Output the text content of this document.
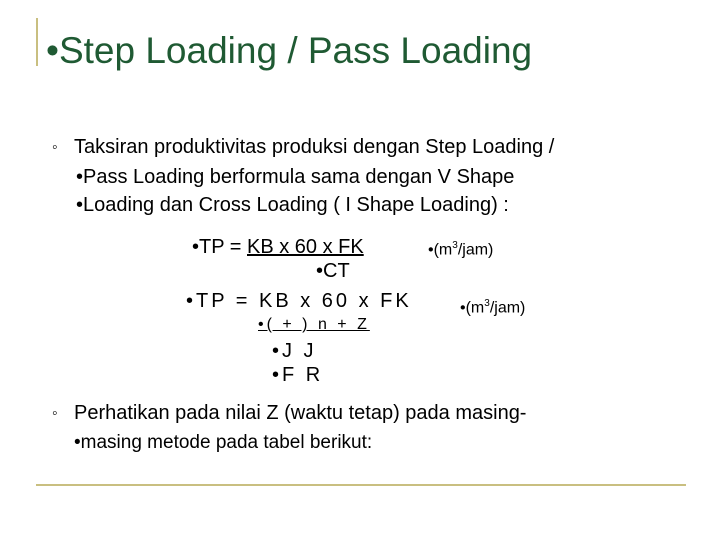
•Step Loading / Pass Loading
◦ Taksiran produktivitas produksi dengan Step Loading /
•Pass Loading berformula sama dengan V Shape
•Loading dan Cross Loading ( I Shape Loading) :
•TP = KB x 60 x FK	$•(m^3/jam)$
•CT
•TP = KB x 60 x FK	$•(m^3/jam)$
•( + ) n + Z
•J J
•F R
◦ Perhatikan pada nilai Z (waktu tetap) pada masing-
•masing metode pada tabel berikut:
